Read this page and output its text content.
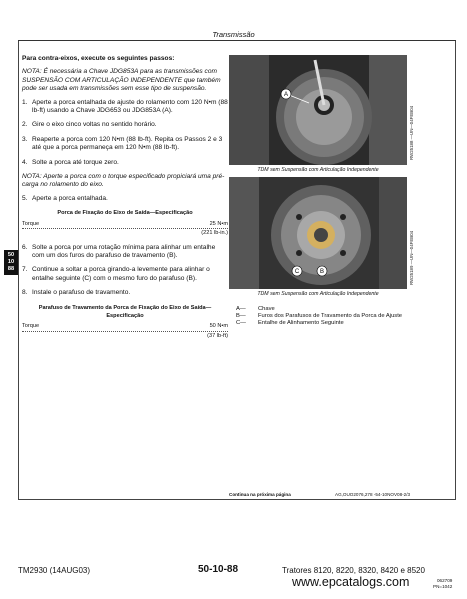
Transmissão
50
10
88

Para contra-eixos, execute os seguintes passos:

NOTA: É necessária a Chave JDG853A para as transmissões com SUSPENSÃO COM ARTICULAÇÃO INDEPENDENTE que também pode ser usada em transmissões sem esse tipo de suspensão.

1. Aperte a porca entalhada de ajuste do rolamento com 120 N•m (88 lb-ft) usando a Chave JDG653 ou JDG853A (A).
2. Gire o eixo cinco voltas no sentido horário.
3. Reaperte a porca com 120 N•m (88 lb-ft). Repita os Passos 2 e 3 até que a porca permaneça em 120 N•m (88 lb-ft).
4. Solte a porca até torque zero.

NOTA: Aperte a porca com o torque especificado propiciará uma pré-carga no rolamento do eixo.

5. Aperte a porca entalhada.
Porca de Fixação do Eixo de Saída—Especificação
Torque	25 N•m
(221 lb-in.)
6. Solte a porca por uma rotação mínima para alinhar um entalhe com um dos furos do parafuso de travamento (B).
7. Continue a soltar a porca girando-a levemente para alinhar o entalhe seguinte (C) com o mesmo furo do parafuso (B).
8. Instale o parafuso de travamento.
Parafuso de Travamento da Porca de Fixação do Eixo de Saída—Especificação
Torque	50 N•m
(37 lb-ft)
A
RW25188 —UN—04FEB04
TDM sem Suspensão com Articulação Independente
C	B	RW25189 —UN—04FEB04
TDM sem Suspensão com Articulação Independente
A—	Chave
B—	Furos dos Parafusos de Travamento da Porca de Ajuste
C—	Entalhe de Alinhamento Seguinte
Continua na próxima página	AG,OUO2076,278 -54-10NOV08-2/3
TM2930 (14AUG03)	50-10-88	Tratores 8120, 8220, 8320, 8420 e 8520
062709
PN=1042
www.epcatalogs.com
